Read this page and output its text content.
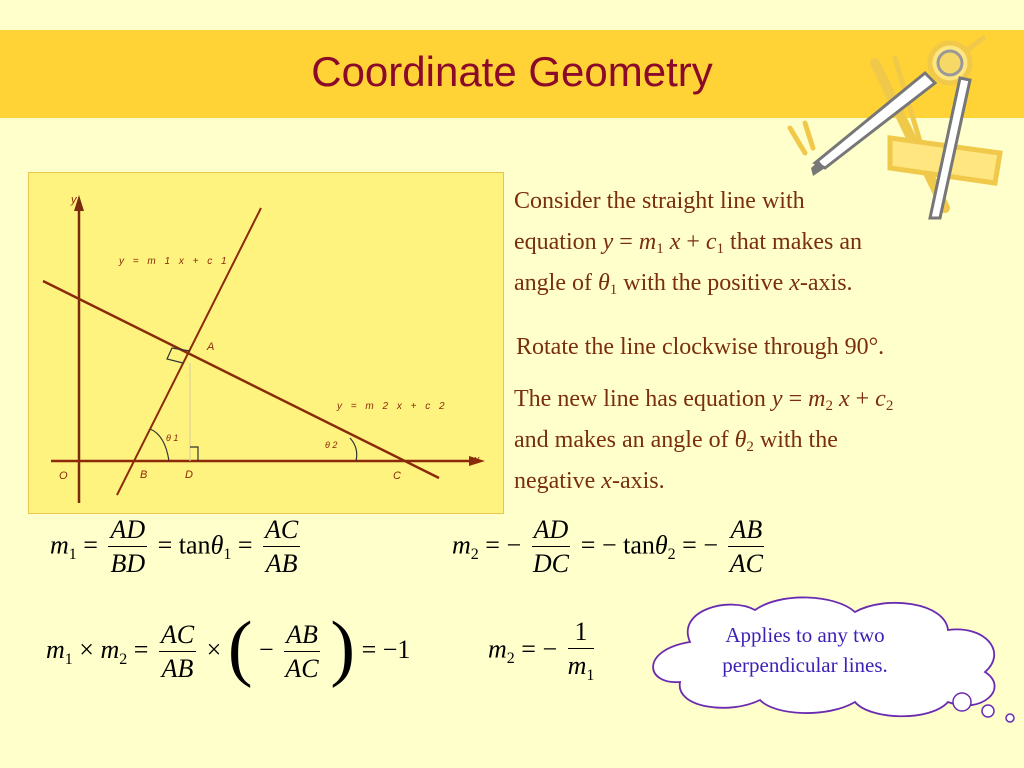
Coordinate Geometry
y
x
O
y = m 1 x + c 1
y = m 2 x + c 2
A
B	D	C
θ 1
θ 2
Consider the straight line with
equation $y = m_1$ $x + c_1$ that makes an
angle of $\theta_1$ with the positive x-axis.
Rotate the line clockwise through 90°.
The new line has equation $y = m_2$ $x + c_2$
and makes an angle of $\theta_2$ with the
negative x-axis.
$m_1 = \frac{AD}{BD} = \tan\theta_1 = \frac{AC}{AB}$	$m_2$ = − $\frac{AD}{DC}$ = − tanθ$_2$ = − $\frac{AB}{AC}$
$m_1 \times m_2 = \frac{AC}{AB}$ × ( − $\frac{AB}{AC}$ ) = −1	$m_2$ = − $\frac{1}{m_1}$	Applies to any two
perpendicular lines.
